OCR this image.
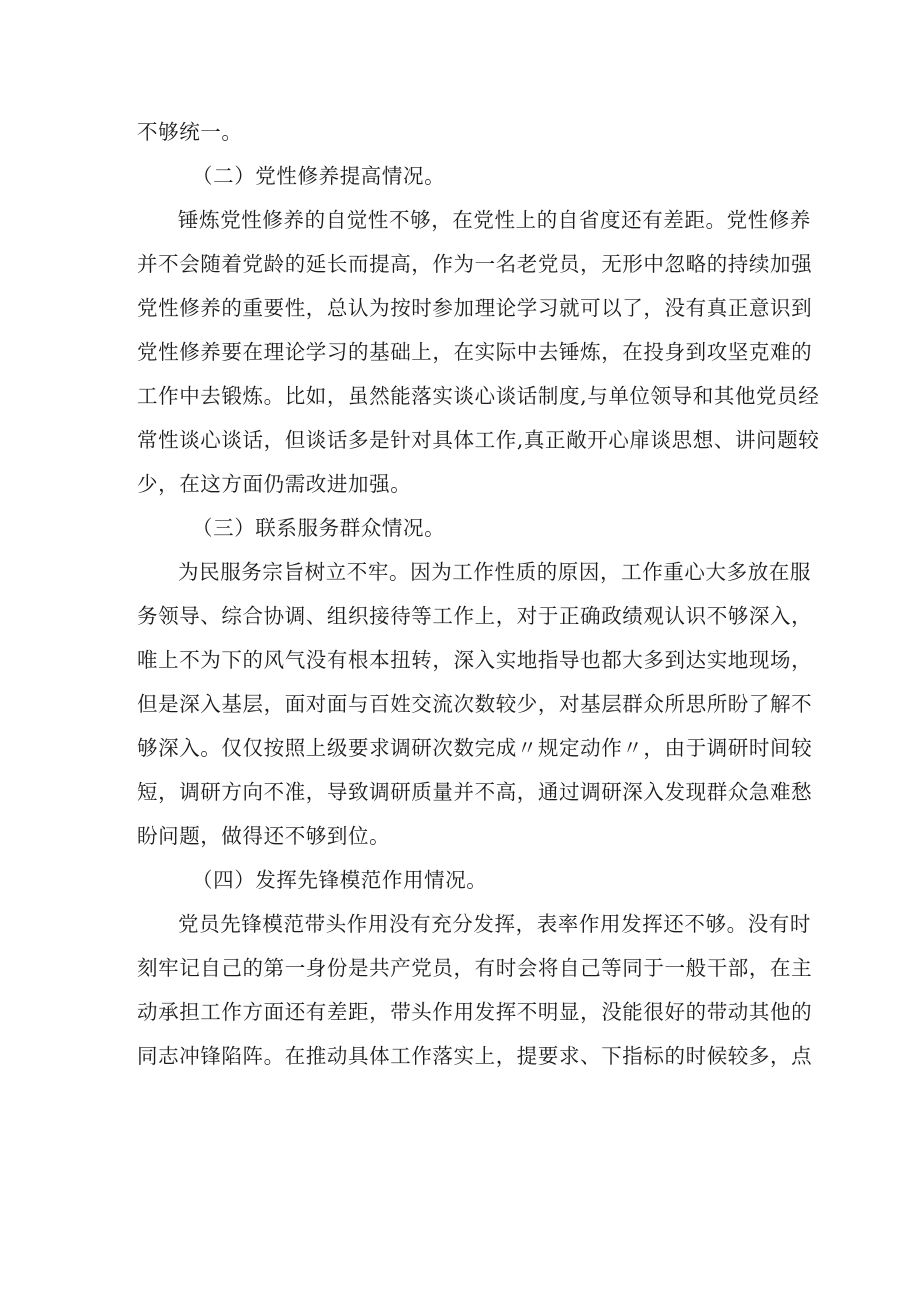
不够统一。
（二）党性修养提高情况。
锤炼党性修养的自觉性不够，在党性上的自省度还有差距。党性修养
并不会随着党龄的延长而提高，作为一名老党员，无形中忽略的持续加强
党性修养的重要性，总认为按时参加理论学习就可以了，没有真正意识到
党性修养要在理论学习的基础上，在实际中去锤炼，在投身到攻坚克难的
工作中去锻炼。比如，虽然能落实谈心谈话制度,与单位领导和其他党员经
常性谈心谈话，但谈话多是针对具体工作,真正敞开心扉谈思想、讲问题较
少，在这方面仍需改进加强。
（三）联系服务群众情况。
为民服务宗旨树立不牢。因为工作性质的原因，工作重心大多放在服
务领导、综合协调、组织接待等工作上，对于正确政绩观认识不够深入，
唯上不为下的风气没有根本扭转，深入实地指导也都大多到达实地现场，
但是深入基层，面对面与百姓交流次数较少，对基层群众所思所盼了解不
够深入。仅仅按照上级要求调研次数完成〃规定动作〃，由于调研时间较
短，调研方向不准，导致调研质量并不高，通过调研深入发现群众急难愁
盼问题，做得还不够到位。
（四）发挥先锋模范作用情况。
党员先锋模范带头作用没有充分发挥，表率作用发挥还不够。没有时
刻牢记自己的第一身份是共产党员，有时会将自己等同于一般干部，在主
动承担工作方面还有差距，带头作用发挥不明显，没能很好的带动其他的
同志冲锋陷阵。在推动具体工作落实上，提要求、下指标的时候较多，点
